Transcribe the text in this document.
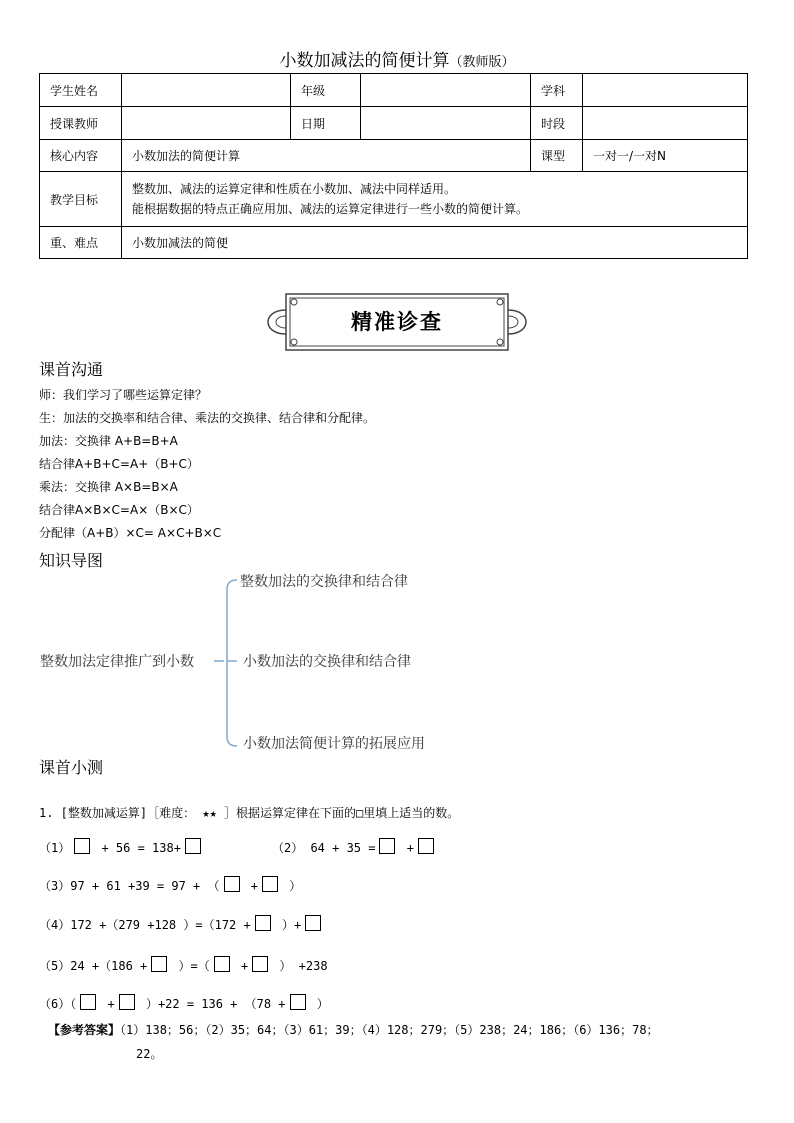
小数加减法的简便计算（教师版）
学生姓名		年级		学科	
授课教师		日期		时段	
核心内容	小数加法的简便计算			课型	一对一/一对N
教学目标	整数加、减法的运算定律和性质在小数加、减法中同样适用。
能根据数据的特点正确应用加、减法的运算定律进行一些小数的简便计算。				

重、难点	小数加减法的简便				
精准诊查
课首沟通
师：我们学习了哪些运算定律？
生：加法的交换率和结合律、乘法的交换律、结合律和分配律。
加法：交换律 A+B=B+A
结合律A+B+C=A+（B+C）
乘法：交换律 A×B=B×A
结合律A×B×C=A×（B×C）
分配律（A+B）×C= A×C+B×C
知识导图
整数加法定律推广到小数
整数加法的交换律和结合律
小数加法的交换律和结合律
小数加法简便计算的拓展应用
课首小测
1. [整数加减运算]［难度： ★★ ］根据运算定律在下面的□里填上适当的数。
（1）	+ 56 = 138+	（2） 64 + 35 =	+
（3）97 + 61 +39 = 97 + （	+	）
（4）172 +（279 +128 ）=（172 +	）+
（5）24 +（186 +	）=（	+	） +238
（6）（	+	）+22 = 136 + （78 +	）
【参考答案】（1）138；56；（2）35；64；（3）61；39；（4）128；279；（5）238；24；186；（6）136；78；
22。
